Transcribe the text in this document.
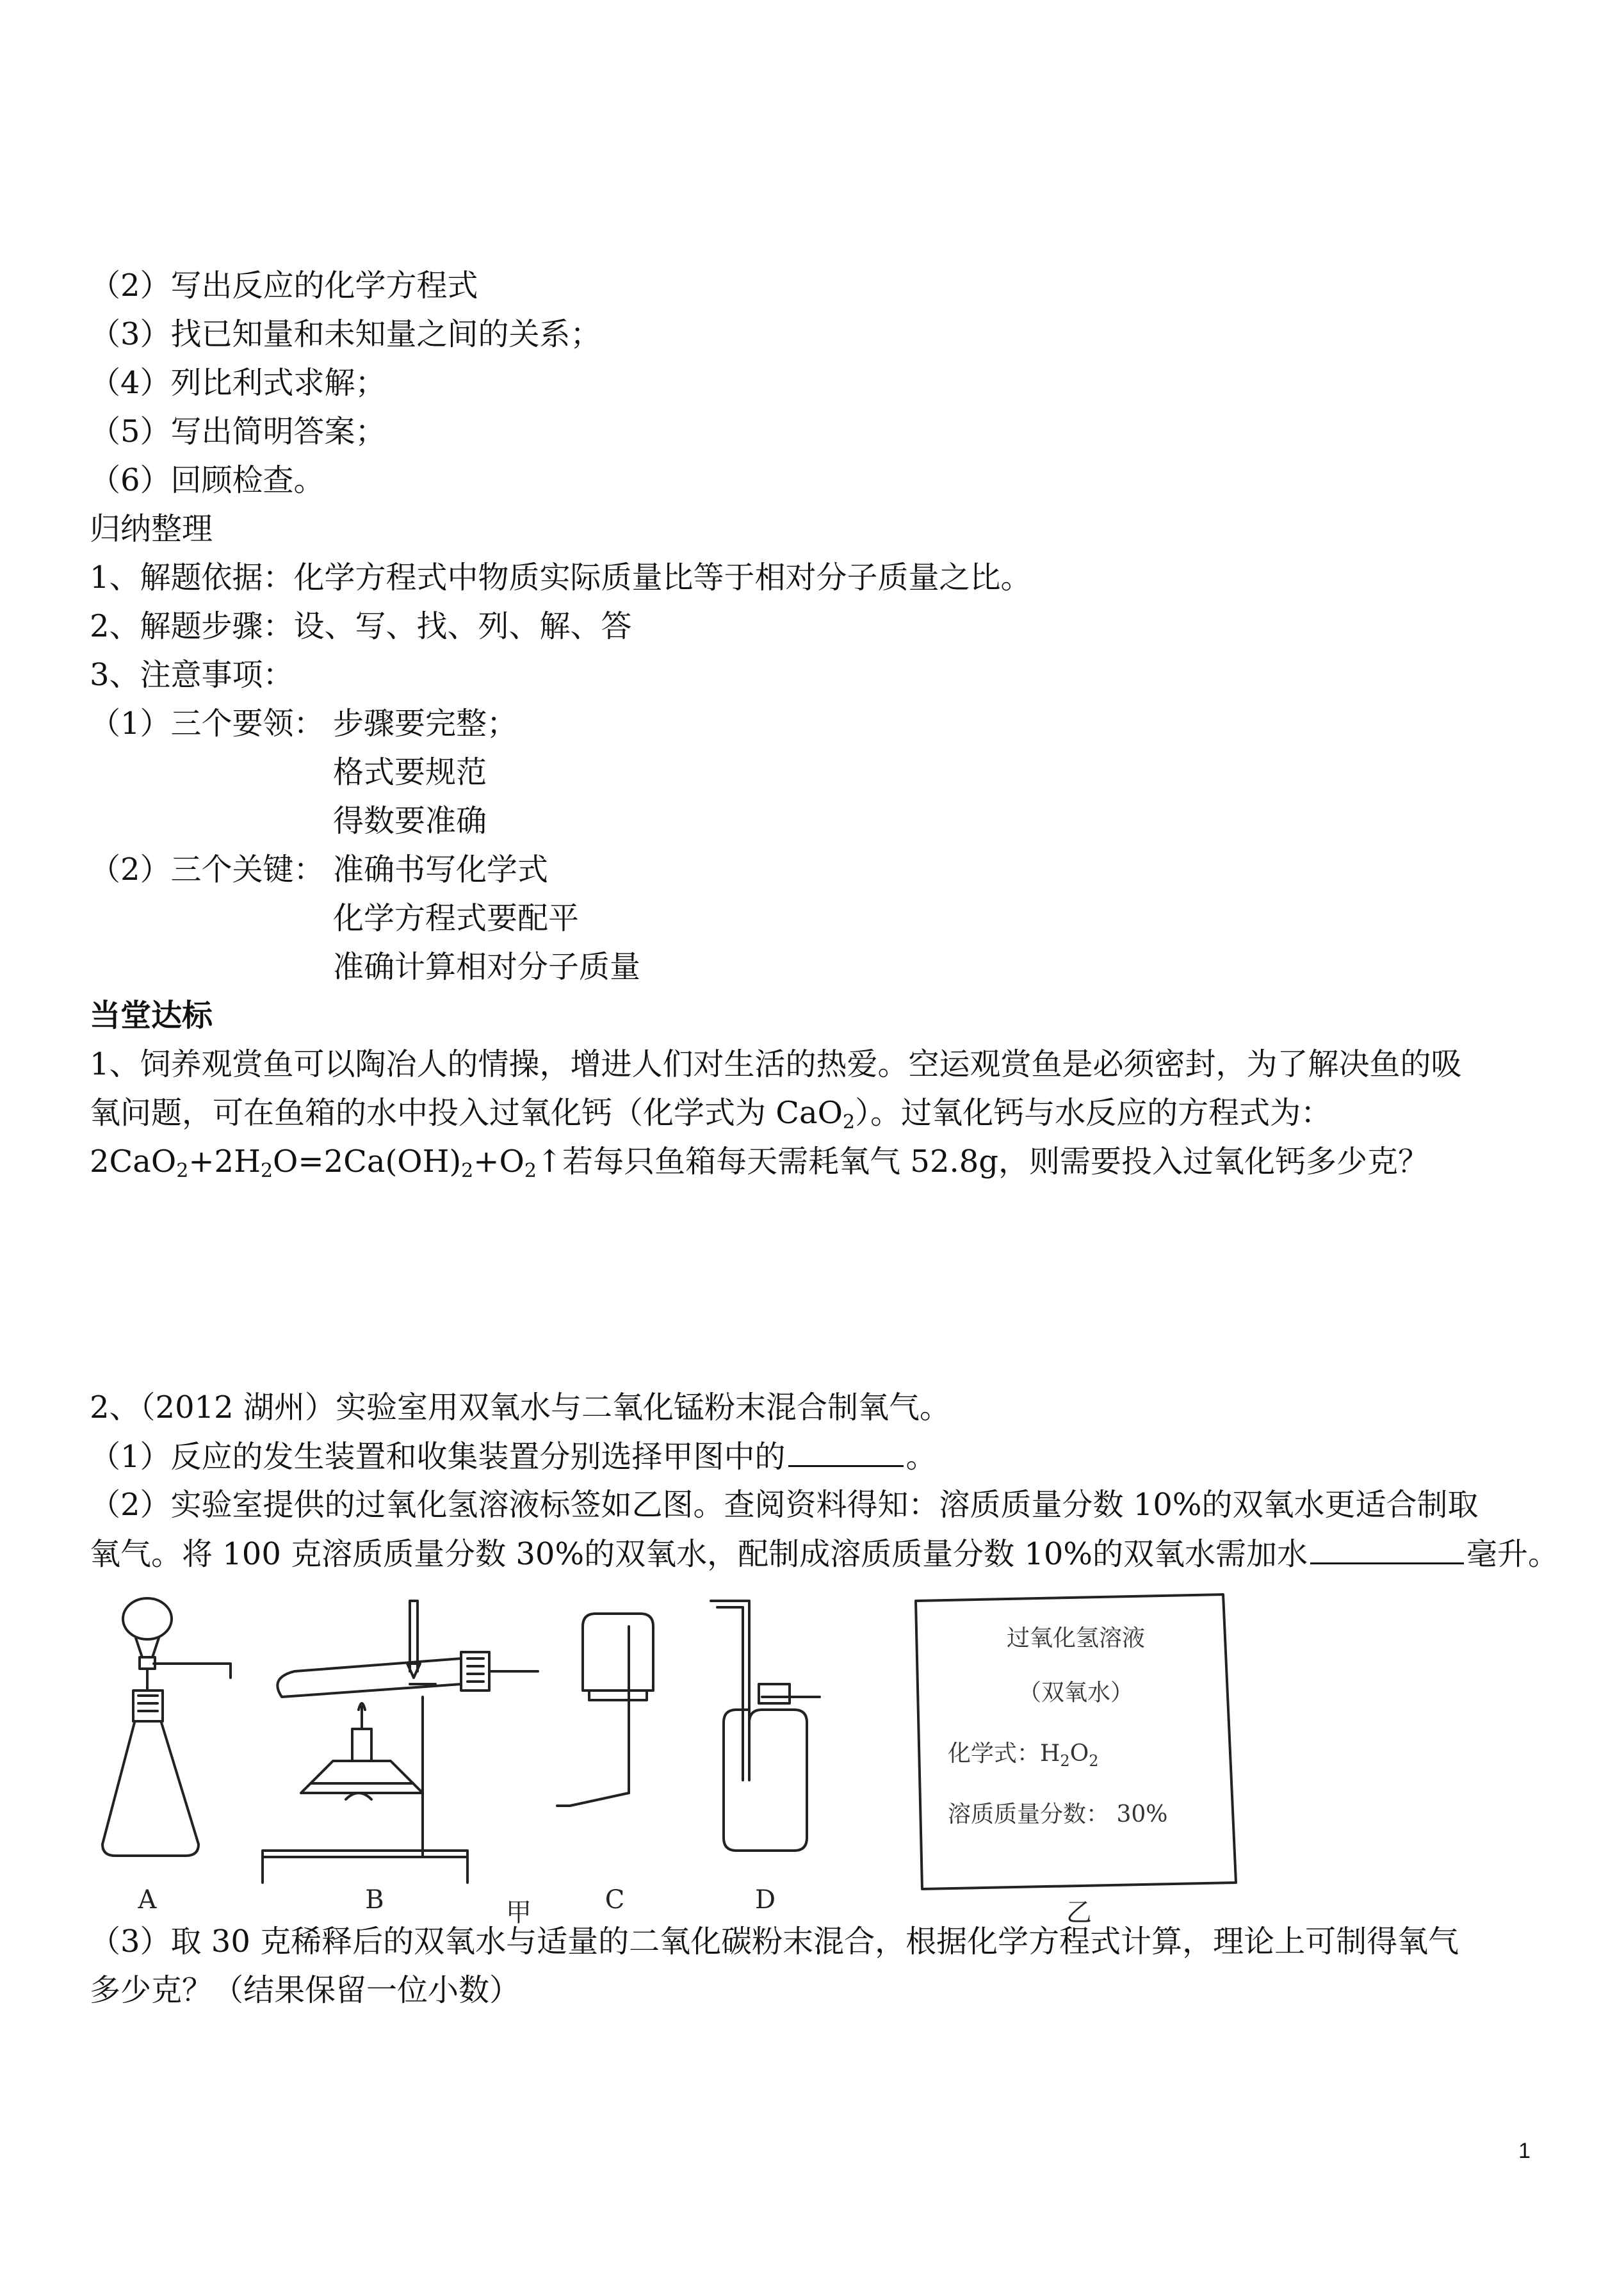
（2）写出反应的化学方程式
（3）找已知量和未知量之间的关系；
（4）列比利式求解；
（5）写出简明答案；
（6）回顾检查。
归纳整理
1、解题依据：化学方程式中物质实际质量比等于相对分子质量之比。
2、解题步骤：设、写、找、列、解、答
3、注意事项：
（1）三个要领： 步骤要完整；
格式要规范
得数要准确
（2）三个关键： 准确书写化学式
化学方程式要配平
准确计算相对分子质量
当堂达标
1、饲养观赏鱼可以陶冶人的情操，增进人们对生活的热爱。空运观赏鱼是必须密封，为了解决鱼的吸
氧问题，可在鱼箱的水中投入过氧化钙（化学式为 CaO$_2$）。过氧化钙与水反应的方程式为：
$2CaO_2+2H_2O=2Ca(OH)_2+O_2↑$若每只鱼箱每天需耗氧气 52.8g，则需要投入过氧化钙多少克？
2、（2012 湖州）实验室用双氧水与二氧化锰粉末混合制氧气。
（1）反应的发生装置和收集装置分别选择甲图中的	。
（2）实验室提供的过氧化氢溶液标签如乙图。查阅资料得知：溶质质量分数 10%的双氧水更适合制取
氧气。将 100 克溶质质量分数 30%的双氧水，配制成溶质质量分数 10%的双氧水需加水	毫升。
A	B	甲	C	D	乙
过氧化氢溶液
（双氧水）
化学式：$H_2O_2$
溶质质量分数： 30%
（3）取 30 克稀释后的双氧水与适量的二氧化碳粉末混合，根据化学方程式计算，理论上可制得氧气
多少克？（结果保留一位小数）
1
